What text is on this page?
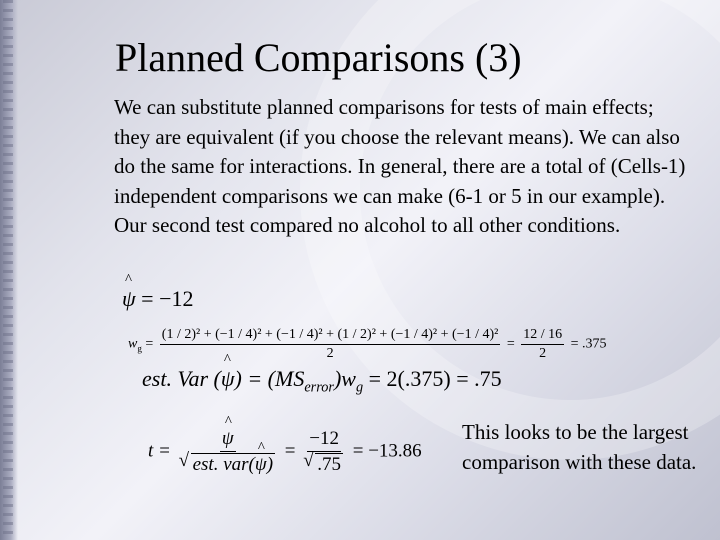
Planned Comparisons (3)

We can substitute planned comparisons for tests of main effects; they are equivalent (if you choose the relevant means). We can also do the same for interactions. In general, there are a total of (Cells-1) independent comparisons we can make (6-1 or 5 in our example). Our second test compared no alcohol to all other conditions.

^ ψ = −12
$w_g$ =
(1 / 2)² + (−1 / 4)² + (−1 / 4)² + (1 / 2)² + (−1 / 4)² + (−1 / 4)²
2
= $\frac{12 / 16}{2} = .375$
est. Var (^ $\psi) = (MS_{error})w_g = 2(.375) = .75$
t =
^ ψ
√ est. var(^ ψ) = −12
√ .75 = −13.86

This looks to be the largest comparison with these data.
